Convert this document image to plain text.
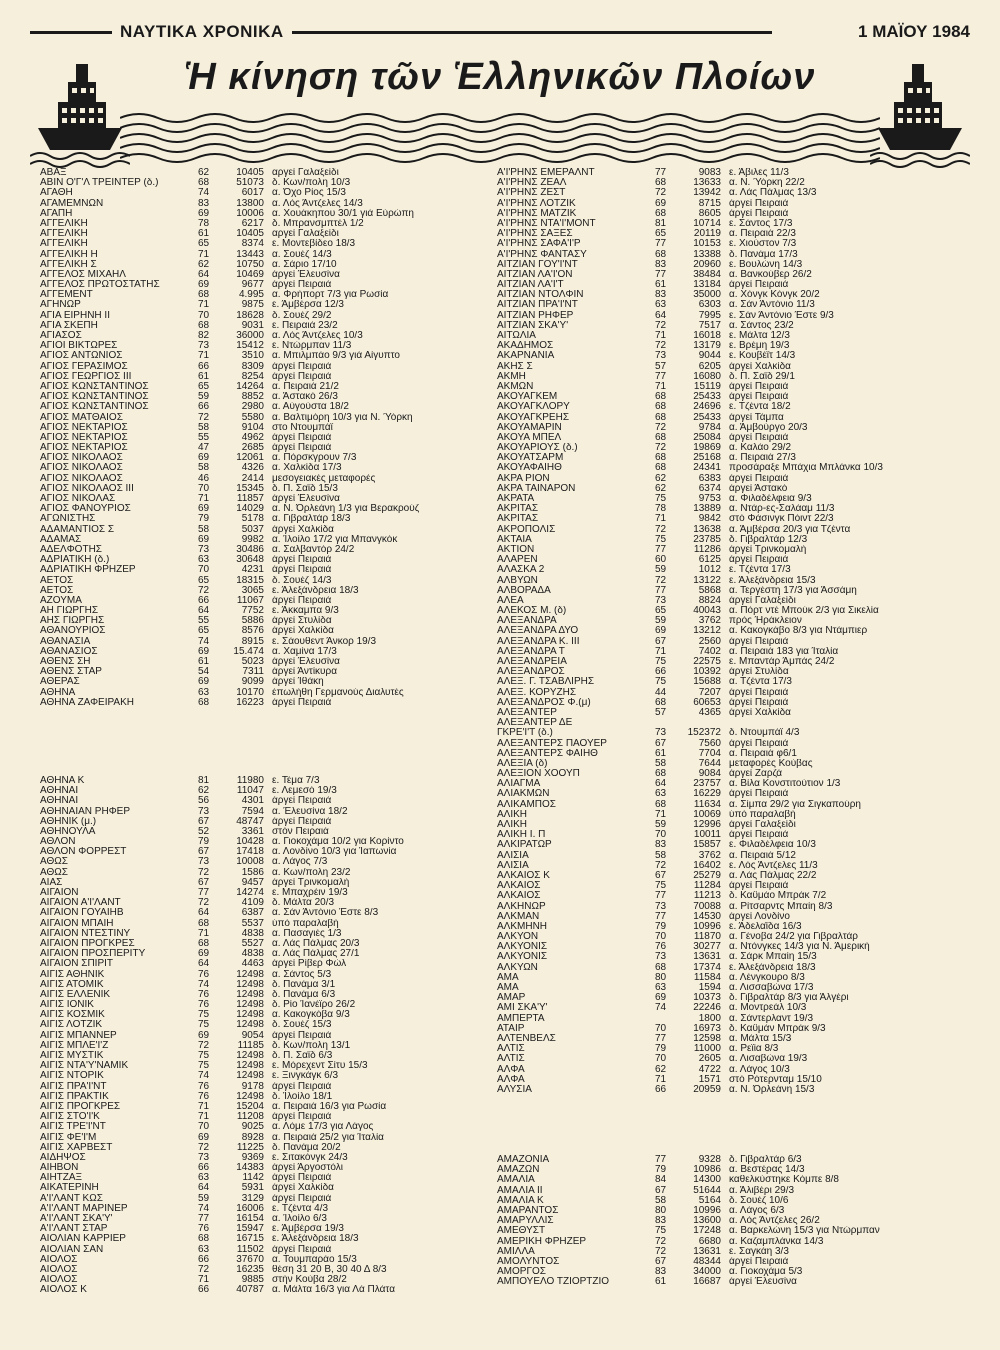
ΝΑΥΤΙΚΑ ΧΡΟΝΙΚΑ	1 ΜΑΪΟΥ 1984
Ἡ κίνηση τῶν Ἑλληνικῶν Πλοίων
ΑΒΑΞ	62	10405 αργεί Γαλαξείδι
ΑΒΙΝ Ο'Γ'Λ ΤΡΕΙΝΤΕΡ (δ.)	68	51073 δ. Κων/πολη 10/3
ΑΓΑΘΗ	74	6017 α. Όχο Ρίος 15/3
ΑΓΑΜΕΜΝΩΝ	83	13800 α. Λός Άντζελες 14/3
ΑΓΑΠΗ	69	10006 α. Χουάκηπου 30/1 γιά Εύρώπη
ΑΓΓΕΛΙΚΗ	78	6217 δ. Μπρανσμπτέλ 1/2
ΑΓΓΕΛΙΚΗ	61	10405 αργεί Γαλαξείδι
ΑΓΓΕΛΙΚΗ	65	8374 ε. Μοντεβίδεο 18/3
ΑΓΓΕΛΙΚΗ Η	71	13443 α. Σουέζ 14/3
ΑΓΓΕΛΙΚΗ Σ	62	10750 α. Σάριο 17/10
ΑΓΓΕΛΟΣ ΜΙΧΑΗΛ	64	10469 άργεί Έλευσίνα
ΑΓΓΕΛΟΣ ΠΡΩΤΟΣΤΑΤΗΣ	69	9677 άργεί Πειραιά
ΑΓΓΕΜΕΝΤ	68	4.995 α. Φρήπορτ 7/3 για Ρωσία
ΑΓΗΝΩΡ	71	9875 ε. Άμβέρσα 12/3
ΑΓΙΑ ΕΙΡΗΝΗ ΙΙ	70	18628 δ. Σουέζ 29/2
ΑΓΙΑ ΣΚΕΠΗ	68	9031 ε. Πειραιά 23/2
ΑΓΙΑΣΟΣ	82	36000 α. Λός Άντζελες 10/3
ΑΓΙΟΙ ΒΙΚΤΩΡΕΣ	73	15412 ε. Ντώρμπαν 11/3
ΑΓΙΟΣ ΑΝΤΩΝΙΟΣ	71	3510 α. Μπιλμπάο 9/3 γιά Αίγυπτο
ΑΓΙΟΣ ΓΕΡΑΣΙΜΟΣ	66	8309 άργεί Πειραιά
ΑΓΙΟΣ ΓΕΩΡΓΙΟΣ ΙΙΙ	61	8254 άργεί Πειραιά
ΑΓΙΟΣ ΚΩΝΣΤΑΝΤΙΝΟΣ	65	14264 α. Πειραιά 21/2
ΑΓΙΟΣ ΚΩΝΣΤΑΝΤΙΝΟΣ	59	8852 α. Άστακό 26/3
ΑΓΙΟΣ ΚΩΝΣΤΑΝΤΙΝΟΣ	66	2980 α. Αύγούστα 18/2
ΑΓΙΟΣ ΜΑΤΘΑΙΟΣ	72	5580 α. Βαλτιμόρη 10/3 για Ν. Ύόρκη
ΑΓΙΟΣ ΝΕΚΤΑΡΙΟΣ	58	9104 στο Ντουμπάϊ
ΑΓΙΟΣ ΝΕΚΤΑΡΙΟΣ	55	4962 άργεί Πειραιά
ΑΓΙΟΣ ΝΕΚΤΑΡΙΟΣ	47	2685 άργεί Πειραιά
ΑΓΙΟΣ ΝΙΚΟΛΑΟΣ	69	12061 α. Πόρσκγρουν 7/3
ΑΓΙΟΣ ΝΙΚΟΛΑΟΣ	58	4326 α. Χαλκίδα 17/3
ΑΓΙΟΣ ΝΙΚΟΛΑΟΣ	46	2414 μεσογειακές μεταφορές
ΑΓΙΟΣ ΝΙΚΟΛΑΟΣ ΙΙΙ	70	15345 δ. Π. Σαϊδ 15/3
ΑΓΙΟΣ ΝΙΚΟΛΑΣ	71	11857 άργεί Έλευσίνα
ΑΓΙΟΣ ΦΑΝΟΥΡΙΟΣ	69	14029 α. Ν. Όρλεάνη 1/3 για Βερακρούζ
ΑΓΩΝΙΣΤΗΣ	79	5178 α. Γιβραλτάρ 18/3
ΑΔΑΜΑΝΤΙΟΣ Σ	58	5037 άργεί Χαλκίδα
ΑΔΑΜΑΣ	69	9982 α. Ίλοίλο 17/2 για Μπανγκόκ
ΑΔΕΛΦΟΤΗΣ	73	30486 α. Σαλβαντόρ 24/2
ΑΔΡΙΑΤΙΚΗ (δ.)	63	30648 άργεί Πειραιά
ΑΔΡΙΑΤΙΚΗ ΦΡΗΖΕΡ	70	4231 άργεί Πειραιά
ΑΕΤΟΣ	65	18315 δ. Σουέζ 14/3
ΑΕΤΟΣ	72	3065 ε. Άλεξάνδρεια 18/3
ΑΖΟΥΜΑ	66	11067 άργεί Πειραιά
ΑΗ ΓΙΩΡΓΗΣ	64	7752 ε. Άκκαμπα 9/3
ΑΗΣ ΓΙΩΡΓΗΣ	55	5886 άργεί Στυλίδα
ΑΘΑΝΟΥΡΙΟΣ	65	8576 άργεί Χαλκίδα
ΑΘΑΝΑΣΙΑ	74	8915 ε. Σάουθεντ Άνκορ 19/3
ΑΘΑΝΑΣΙΟΣ	69	15.474 α. Χαμίνα 17/3
ΑΘΕΝΣ ΣΗ	61	5023 άργεί Έλευσίνα
ΑΘΕΝΣ ΣΤΑΡ	54	7311 άργεί Άντίκυρα
ΑΘΕΡΑΣ	69	9099 άργεί Ίθάκη
ΑΘΗΝΑ	63	10170 έπωλήθη Γερμανούς Διαλυτές
ΑΘΗΝΑ ΖΑΦΕΙΡΑΚΗ	68	16223 άργεί Πειραιά
ΑΘΗΝΑ Κ	81	11980 ε. Τέμα 7/3
ΑΘΗΝΑΙ	62	11047 ε. Λεμεσό 19/3
ΑΘΗΝΑΙ	56	4301 άργεί Πειραιά
ΑΘΗΝΑΙΑΝ ΡΗΦΕΡ	73	7594 α. Έλευσίνα 18/2
ΑΘΗΝΙΚ (μ.)	67	48747 άργεί Πειραιά
ΑΘΗΝΟΥΛΑ	52	3361 στόν Πειραιά
ΑΘΛΟΝ	79	10428 α. Γιοκοχάμα 10/2 για Κορίντο
ΑΘΛΟΝ ΦΟΡΡΕΣΤ	67	17418 α. Λονδίνο 10/3 για Ίαπωνία
ΑΘΩΣ	73	10008 α. Λάγος 7/3
ΑΘΩΣ	72	1586 α. Κων/πολη 23/2
ΑΙΑΣ	67	9457 άργεί Τρινκομαλή
ΑΙΓΑΙΟΝ	77	14274 ε. Μπαχρέιν 19/3
ΑΙΓΑΙΟΝ Α'Ι'ΛΑΝΤ	72	4109 δ. Μάλτα 20/3
ΑΙΓΑΙΟΝ ΓΟΥΑΙΗΒ	64	6387 α. Σάν Άντόνιο Έστε 8/3
ΑΙΓΑΙΟΝ ΜΠΑΙΗ	68	5537 ύπό παραλαβή
ΑΙΓΑΙΟΝ ΝΤΕΣΤΙΝΥ	71	4838 α. Πασαγιές 1/3
ΑΙΓΑΙΟΝ ΠΡΟΓΚΡΕΣ	68	5527 α. Λάς Πάλμας 20/3
ΑΙΓΑΙΟΝ ΠΡΟΣΠΕΡΙΤΥ	69	4838 α. Λάς Πάλμας 27/1
ΑΙΓΑΙΟΝ ΣΠΙΡΙΤ	64	4463 άργεί Ρίβερ Φώλ
ΑΙΓΙΣ ΑΘΗΝΙΚ	76	12498 α. Σάντος 5/3
ΑΙΓΙΣ ΑΤΟΜΙΚ	74	12498 δ. Πανάμα 3/1
ΑΙΓΙΣ ΕΛΛΕΝΙΚ	76	12498 δ. Πανάμα 6/3
ΑΙΓΙΣ ΙΟΝΙΚ	76	12498 δ. Ρίο Ίανέϊρο 26/2
ΑΙΓΙΣ ΚΟΣΜΙΚ	75	12498 α. Κακογκόβα 9/3
ΑΙΓΙΣ ΛΟΤΖΙΚ	75	12498 δ. Σουέζ 15/3
ΑΙΓΙΣ ΜΠΑΝΝΕΡ	69	9054 άργεί Πειραιά
ΑΙΓΙΣ ΜΠΛΕ'Ι'Ζ	72	11185 δ. Κων/πολη 13/1
ΑΙΓΙΣ ΜΥΣΤΙΚ	75	12498 δ. Π. Σαϊδ 6/3
ΑΙΓΙΣ ΝΤΑ'Υ'ΝΑΜΙΚ	75	12498 ε. Μόρεχεντ Σίτυ 15/3
ΑΙΓΙΣ ΝΤΟΡΙΚ	74	12498 ε. Ξινγκάγκ 6/3
ΑΙΓΙΣ ΠΡΑ'Ι'ΝΤ	76	9178 άργεί Πειραιά
ΑΙΓΙΣ ΠΡΑΚΤΙΚ	76	12498 δ. Ίλοίλο 18/1
ΑΙΓΙΣ ΠΡΟΓΚΡΕΣ	71	15204 α. Πειραιά 16/3 για Ρωσία
ΑΙΓΙΣ ΣΤΟ'Ι'Κ	71	11208 άργεί Πειραιά
ΑΙΓΙΣ ΤΡΕ'Ι'ΝΤ	70	9025 α. Λόμε 17/3 για Λάγος
ΑΙΓΙΣ ΦΕ'Ι'Μ	69	8928 α. Πειραιά 25/2 για Ίταλία
ΑΙΓΙΣ ΧΑΡΒΕΣΤ	72	11225 δ. Πανάμα 20/2
ΑΙΔΗΨΟΣ	73	9369 ε. Σιτακόνγκ 24/3
ΑΙΗΒΟΝ	66	14383 άργεί Άργοστόλι
ΑΙΗΤΖΑΞ	63	1142 άργεί Πειραιά
ΑΙΚΑΤΕΡΙΝΗ	64	5931 άργεί Χαλκίδα
Α'Ι'ΛΑΝΤ ΚΩΣ	59	3129 άργεί Πειραιά
Α'Ι'ΛΑΝΤ ΜΑΡΙΝΕΡ	74	16006 ε. Τζέντα 4/3
Α'Ι'ΛΑΝΤ ΣΚΑ'Υ'	77	16154 α. Ίλοίλο 6/3
Α'Ι'ΛΑΝΤ ΣΤΑΡ	76	15947 ε. Άμβέρσα 19/3
ΑΙΟΛΙΑΝ ΚΑΡΡΙΕΡ	68	16715 ε. Άλεξάνδρεια 18/3
ΑΙΟΛΙΑΝ ΣΑΝ	63	11502 άργεί Πειραιά
ΑΙΟΛΟΣ	66	37670 α. Τουμπαράο 15/3
ΑΙΟΛΟΣ	72	16235 θέση 31 20 Β, 30 40 Δ 8/3
ΑΙΟΛΟΣ	71	9885 στήν Κούβα 28/2
ΑΙΟΛΟΣ Κ	66	40787 α. Μάλτα 16/3 για Λά Πλάτα
Α'Ι'ΡΗΝΣ ΕΜΕΡΑΛΝΤ	77	9083 ε. Άβιλες 11/3
Α'Ι'ΡΗΝΣ ΖΕΑΛ	68	13633 α. Ν. Ύόρκη 22/2
Α'Ι'ΡΗΝΣ ΖΕΣΤ	72	13942 α. Λάς Πάλμας 13/3
Α'Ι'ΡΗΝΣ ΛΟΤΖΙΚ	69	8715 άργεί Πειραιά
Α'Ι'ΡΗΝΣ ΜΑΤΖΙΚ	68	8605 άργεί Πειραιά
Α'Ι'ΡΗΝΣ ΝΤΑ'Ι'ΜΟΝΤ	81	10714 ε. Σάντος 17/3
Α'Ι'ΡΗΝΣ ΣΑΞΕΣ	65	20119 α. Πειραιά 22/3
Α'Ι'ΡΗΝΣ ΣΑΦΑ'Ι'Ρ	77	10153 ε. Χιούστον 7/3
Α'Ι'ΡΗΝΣ ΦΑΝΤΑΣΥ	68	13388 δ. Πανάμα 17/3
ΑΙΤΖΙΑΝ ΓΟΥ'Ι'ΝΤ	83	20960 ε. Βουλώνη 14/3
ΑΙΤΖΙΑΝ ΛΑ'Ι'ΟΝ	77	38484 α. Βανκούβερ 26/2
ΑΙΤΖΙΑΝ ΛΑ'Ι'Τ	61	13184 άργεί Πειραιά
ΑΙΤΖΙΑΝ ΝΤΟΛΦΙΝ	83	35000 α. Χόνγκ Κόνγκ 20/2
ΑΙΤΖΙΑΝ ΠΡΑ'Ι'ΝΤ	63	6303 α. Σάν Άντόνιο 11/3
ΑΙΤΖΙΑΝ ΡΗΦΕΡ	64	7995 ε. Σάν Άντόνιο Έστε 9/3
ΑΙΤΖΙΑΝ ΣΚΑ'Υ'	72	7517 α. Σάντος 23/2
ΑΙΤΩΛΙΑ	71	16018 ε. Μάλτα 12/3
ΑΚΑΔΗΜΟΣ	72	13179 ε. Βρέμη 19/3
ΑΚΑΡΝΑΝΙΑ	73	9044 ε. Κουβέϊτ 14/3
ΑΚΗΣ Σ	57	6205 άργεί Χαλκίδα
ΑΚΜΗ	77	16080 δ. Π. Σαϊδ 29/1
ΑΚΜΩΝ	71	15119 άργεί Πειραιά
ΑΚΟΥΑΓΚΕΜ	68	25433 άργεί Πειραιά
ΑΚΟΥΑΓΚΛΟΡΥ	68	24696 ε. Τζέντα 18/2
ΑΚΟΥΑΓΚΡΕΗΣ	68	25433 άργεί Τάμπα
ΑΚΟΥΑΜΑΡΙΝ	72	9784 α. Άμβούργο 20/3
ΑΚΟΥΑ ΜΠΕΛ	68	25084 άργεί Πειραιά
ΑΚΟΥΑΡΙΟΥΣ (δ.)	72	19869 α. Καλάο 29/2
ΑΚΟΥΑΤΣΑΡΜ	68	25168 α. Πειραιά 27/3
ΑΚΟΥΑΦΑΙΗΘ	68	24341 προσάραξε Μπάχια Μπλάνκα 10/3
ΑΚΡΑ ΡΙΟΝ	62	6383 άργεί Πειραιά
ΑΚΡΑ ΤΑΙΝΑΡΟΝ	62	6374 άργεί Άστακό
ΑΚΡΑΤΑ	75	9753 α. Φιλαδέλφεια 9/3
ΑΚΡΙΤΑΣ	78	13889 α. Ντάρ-ες-Σαλάαμ 11/3
ΑΚΡΙΤΑΣ	71	9842 στό Φάσινγκ Πόιντ 22/3
ΑΚΡΟΠΟΛΙΣ	72	13638 α. Άμβέρσα 20/3 για Τζέντα
ΑΚΤΑΙΑ	75	23785 δ. Γιβραλτάρ 12/3
ΑΚΤΙΟΝ	77	11286 άργεί Τρινκομαλή
ΑΛΑΡΕΝ	60	6125 άργεί Πειραιά
ΑΛΑΣΚΑ 2	59	1012 ε. Τζέντα 17/3
ΑΛΒΥΩΝ	72	13122 ε. Άλεξάνδρεια 15/3
ΑΛΒΟΡΑΔΑ	77	5868 α. Τεργέστη 17/3 για Άσσάμη
ΑΛΕΑ	73	8824 άργεί Γαλαξείδι
ΑΛΕΚΟΣ Μ. (δ)	65	40043 α. Πόρτ ντέ Μπούκ 2/3 για Σικελία
ΑΛΕΞΑΝΔΡΑ	59	3762 πρός Ήράκλειον
ΑΛΕΞΑΝΔΡΑ ΔΥΟ	69	13212 α. Κακογκάβο 8/3 για Ντάμπιερ
ΑΛΕΞΑΝΔΡΑ Κ. ΙΙΙ	67	2560 άργεί Πειραιά
ΑΛΕΞΑΝΔΡΑ Τ	71	7402 α. Πειραιά 183 για Ίταλία
ΑΛΕΞΑΝΔΡΕΙΑ	75	22575 ε. Μπαντάρ Άμπάς 24/2
ΑΛΕΞΑΝΔΡΟΣ	66	10392 άργεί Στυλίδα
ΑΛΕΞ. Γ. ΤΣΑΒΛΙΡΗΣ	75	15688 α. Τζέντα 17/3
ΑΛΕΞ. ΚΟΡΥΖΗΣ	44	7207 άργεί Πειραιά
ΑΛΕΞΑΝΔΡΟΣ Φ.(μ)	68	60653 άργεί Πειραιά
ΑΛΕΞΑΝΤΕΡ	57	4365 άργεί Χαλκίδα
ΑΛΕΞΑΝΤΕΡ ΔΕ
ΓΚΡΕ'Ι'Τ (δ.)	73	152372 δ. Ντουμπάϊ 4/3
ΑΛΕΞΑΝΤΕΡΣ ΠΑΟΥΕΡ	67	7560 άργεί Πειραιά
ΑΛΕΞΑΝΤΕΡΣ ΦΑΙΗΘ	61	7704 α. Πειραιά φ6/1
ΑΛΕΞΙΑ (δ)	58	7644 μεταφορές Κούβας
ΑΛΕΞΙΟΝ ΧΟΟΥΠ	68	9084 άργεί Ζαρζά
ΑΛΙΑΓΜΑ	64	23757 α. Βίλα Κονστιτούτιον 1/3
ΑΛΙΑΚΜΩΝ	63	16229 άργεί Πειραιά
ΑΛΙΚΑΜΠΟΣ	68	11634 α. Σίμπα 29/2 για Σιγκαπούρη
ΑΛΙΚΗ	71	10069 ύπό παραλαβή
ΑΛΙΚΗ	59	12996 άργεί Γαλαξείδι
ΑΛΙΚΗ Ι. Π	70	10011 άργεί Πειραιά
ΑΛΚΙΡΑΤΩΡ	83	15857 ε. Φιλαδέλφεια 10/3
ΑΛΙΣΙΑ	58	3762 α. Πειραιά 5/12
ΑΛΙΣΙΑ	72	16402 ε. Λός Άντζελες 11/3
ΑΛΚΑΙΟΣ Κ	67	25279 α. Λάς Πάλμας 22/2
ΑΛΚΑΙΟΣ	75	11284 άργεί Πειραιά
ΑΛΚΑΙΟΣ	77	11213 δ. Καϋμάο Μπράκ 7/2
ΑΛΚΗΝΩΡ	73	70088 α. Ρίτσαρντς Μπαίη 8/3
ΑΛΚΜΑΝ	77	14530 άργεί Λονδίνο
ΑΛΚΜΗΝΗ	79	10996 ε. Άδελαΐδα 16/3
ΑΛΚΥΟΝ	70	11870 α. Γένοβα 24/2 για Γιβραλτάρ
ΑΛΚΥΟΝΙΣ	76	30277 α. Ντόνγκες 14/3 για Ν. Άμερική
ΑΛΚΥΟΝΙΣ	73	13631 α. Σάρκ Μπαίη 15/3
ΑΛΚΥΩΝ	68	17374 ε. Άλεξάνδρεια 18/3
ΑΜΑ	80	11584 α. Λένγκουρο 8/3
ΑΜΑ	63	1594 α. Λισσαβώνα 17/3
ΑΜΑΡ	69	10373 δ. Γιβραλτάρ 8/3 για Άλγέρι
ΑΜΙ ΣΚΑ'Υ'	74	22246 α. Μοντρεάλ 10/3
ΑΜΠΕΡΤΑ	1800 α. Σάντερλαντ 19/3
ΑΤΑΙΡ	70	16973 δ. Καϋμάν Μπράκ 9/3
ΑΛΤΕΝΒΕΛΣ	77	12598 α. Μάλτα 15/3
ΑΛΤΙΣ	79	11000 α. Ρεϊία 8/3
ΑΛΤΙΣ	70	2605 α. Λισαβώνα 19/3
ΑΛΦΑ	62	4722 α. Λάγος 10/3
ΑΛΦΑ	71	1571 στό Ρότερνταμ 15/10
ΑΛΥΣΙΑ	66	20959 α. Ν. Όρλεάνη 15/3
ΑΜΑΖΟΝΙΑ	77	9328 δ. Γιβραλτάρ 6/3
ΑΜΑΖΩΝ	79	10986 α. Βεστέρας 14/3
ΑΜΑΛΙΑ	84	14300 καθελκύστηκε Κόμπε 8/8
ΑΜΑΛΙΑ ΙΙ	67	51644 α. Άλιβέρι 29/3
ΑΜΑΛΙΑ Κ	58	5164 δ. Σουέζ 10/6
ΑΜΑΡΑΝΤΟΣ	80	10996 α. Λάγος 6/3
ΑΜΑΡΥΛΛΙΣ	83	13600 α. Λός Άντζελες 26/2
ΑΜΕΘΥΣΤ	75	17248 α. Βαρκελώνη 15/3 για Ντώρμπαν
ΑΜΕΡΙΚΗ ΦΡΗΖΕΡ	72	6680 α. Καζαμπλάνκα 14/3
ΑΜΙΛΛΑ	72	13631 ε. Σαγκάη 3/3
ΑΜΟΛΥΝΤΟΣ	67	48344 άργεί Πειραιά
ΑΜΟΡΓΟΣ	83	34000 α. Γιοκοχάμα 5/3
ΑΜΠΟΥΕΛΟ ΤΖΙΟΡΤΖΙΟ	61	16687 άργεί Έλευσίνα
